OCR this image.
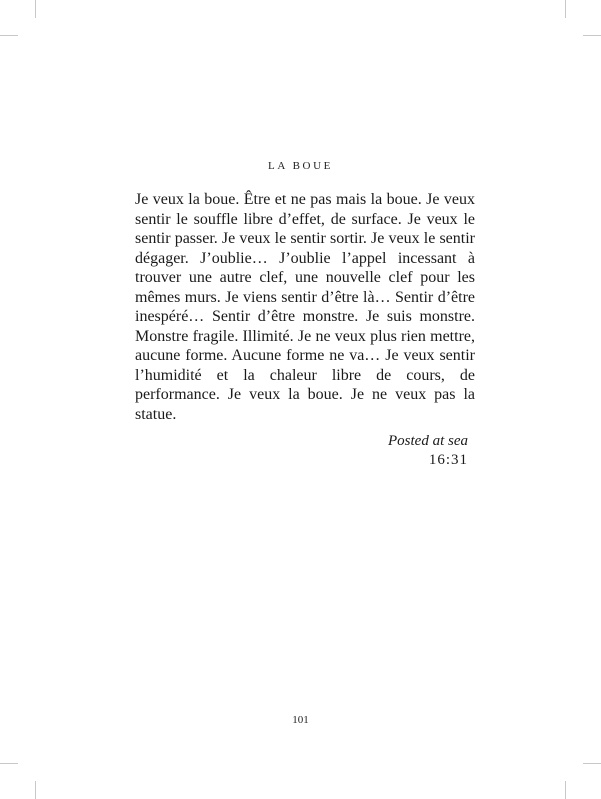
LA BOUE

Je veux la boue. Être et ne pas mais la boue. Je veux sentir le souffle libre d’effet, de surface. Je veux le sentir passer. Je veux le sentir sortir. Je veux le sentir dégager. J’oublie… J’oublie l’appel incessant à trouver une autre clef, une nouvelle clef pour les mêmes murs. Je viens sentir d’être là… Sentir d’être inespéré… Sentir d’être monstre. Je suis monstre. Monstre fragile. Illimité. Je ne veux plus rien mettre, aucune forme. Aucune forme ne va… Je veux sentir l’humidité et la chaleur libre de cours, de performance. Je veux la boue. Je ne veux pas la statue.

Posted at sea
16:31
101
